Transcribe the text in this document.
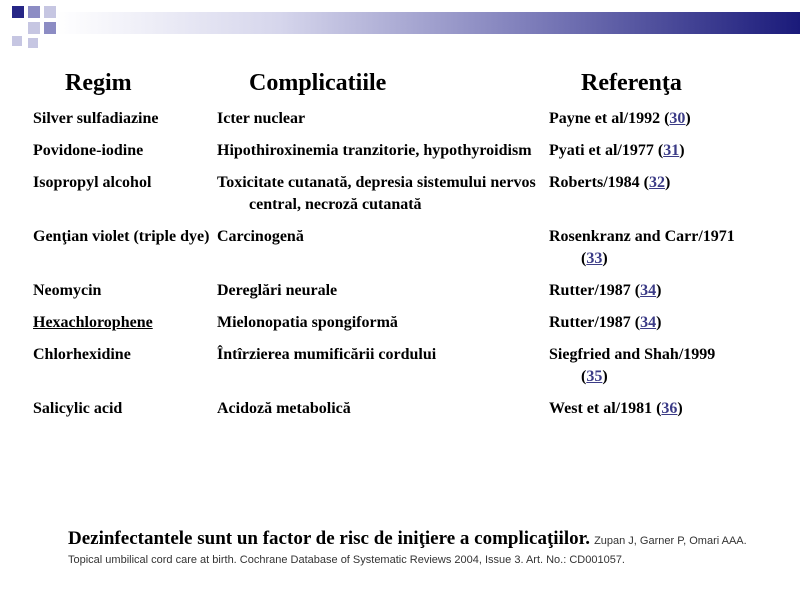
Regim	Complicatiile	Referenţa
Silver sulfadiazine	Icter nuclear	Payne et al/1992 (30)
Povidone-iodine	Hipothiroxinemia tranzitorie, hypothyroidism	Pyati et al/1977 (31)
Isopropyl alcohol	Toxicitate cutanată, depresia sistemului nervos central, necroză cutanată	Roberts/1984 (32)
Genţian violet (triple dye)	Carcinogenă	Rosenkranz and Carr/1971 (33)
Neomycin	Dereglări neurale	Rutter/1987 (34)
Hexachlorophene	Mielonopatia spongiformă	Rutter/1987 (34)
Chlorhexidine	Întîrzierea mumificării cordului	Siegfried and Shah/1999 (35)
Salicylic acid	Acidoză metabolică	West et al/1981 (36)
Dezinfectantele sunt un factor de risc de iniţiere a complicaţiilor. Zupan J, Garner P, Omari AAA. Topical umbilical cord care at birth. Cochrane Database of Systematic Reviews 2004, Issue 3. Art. No.: CD001057.
